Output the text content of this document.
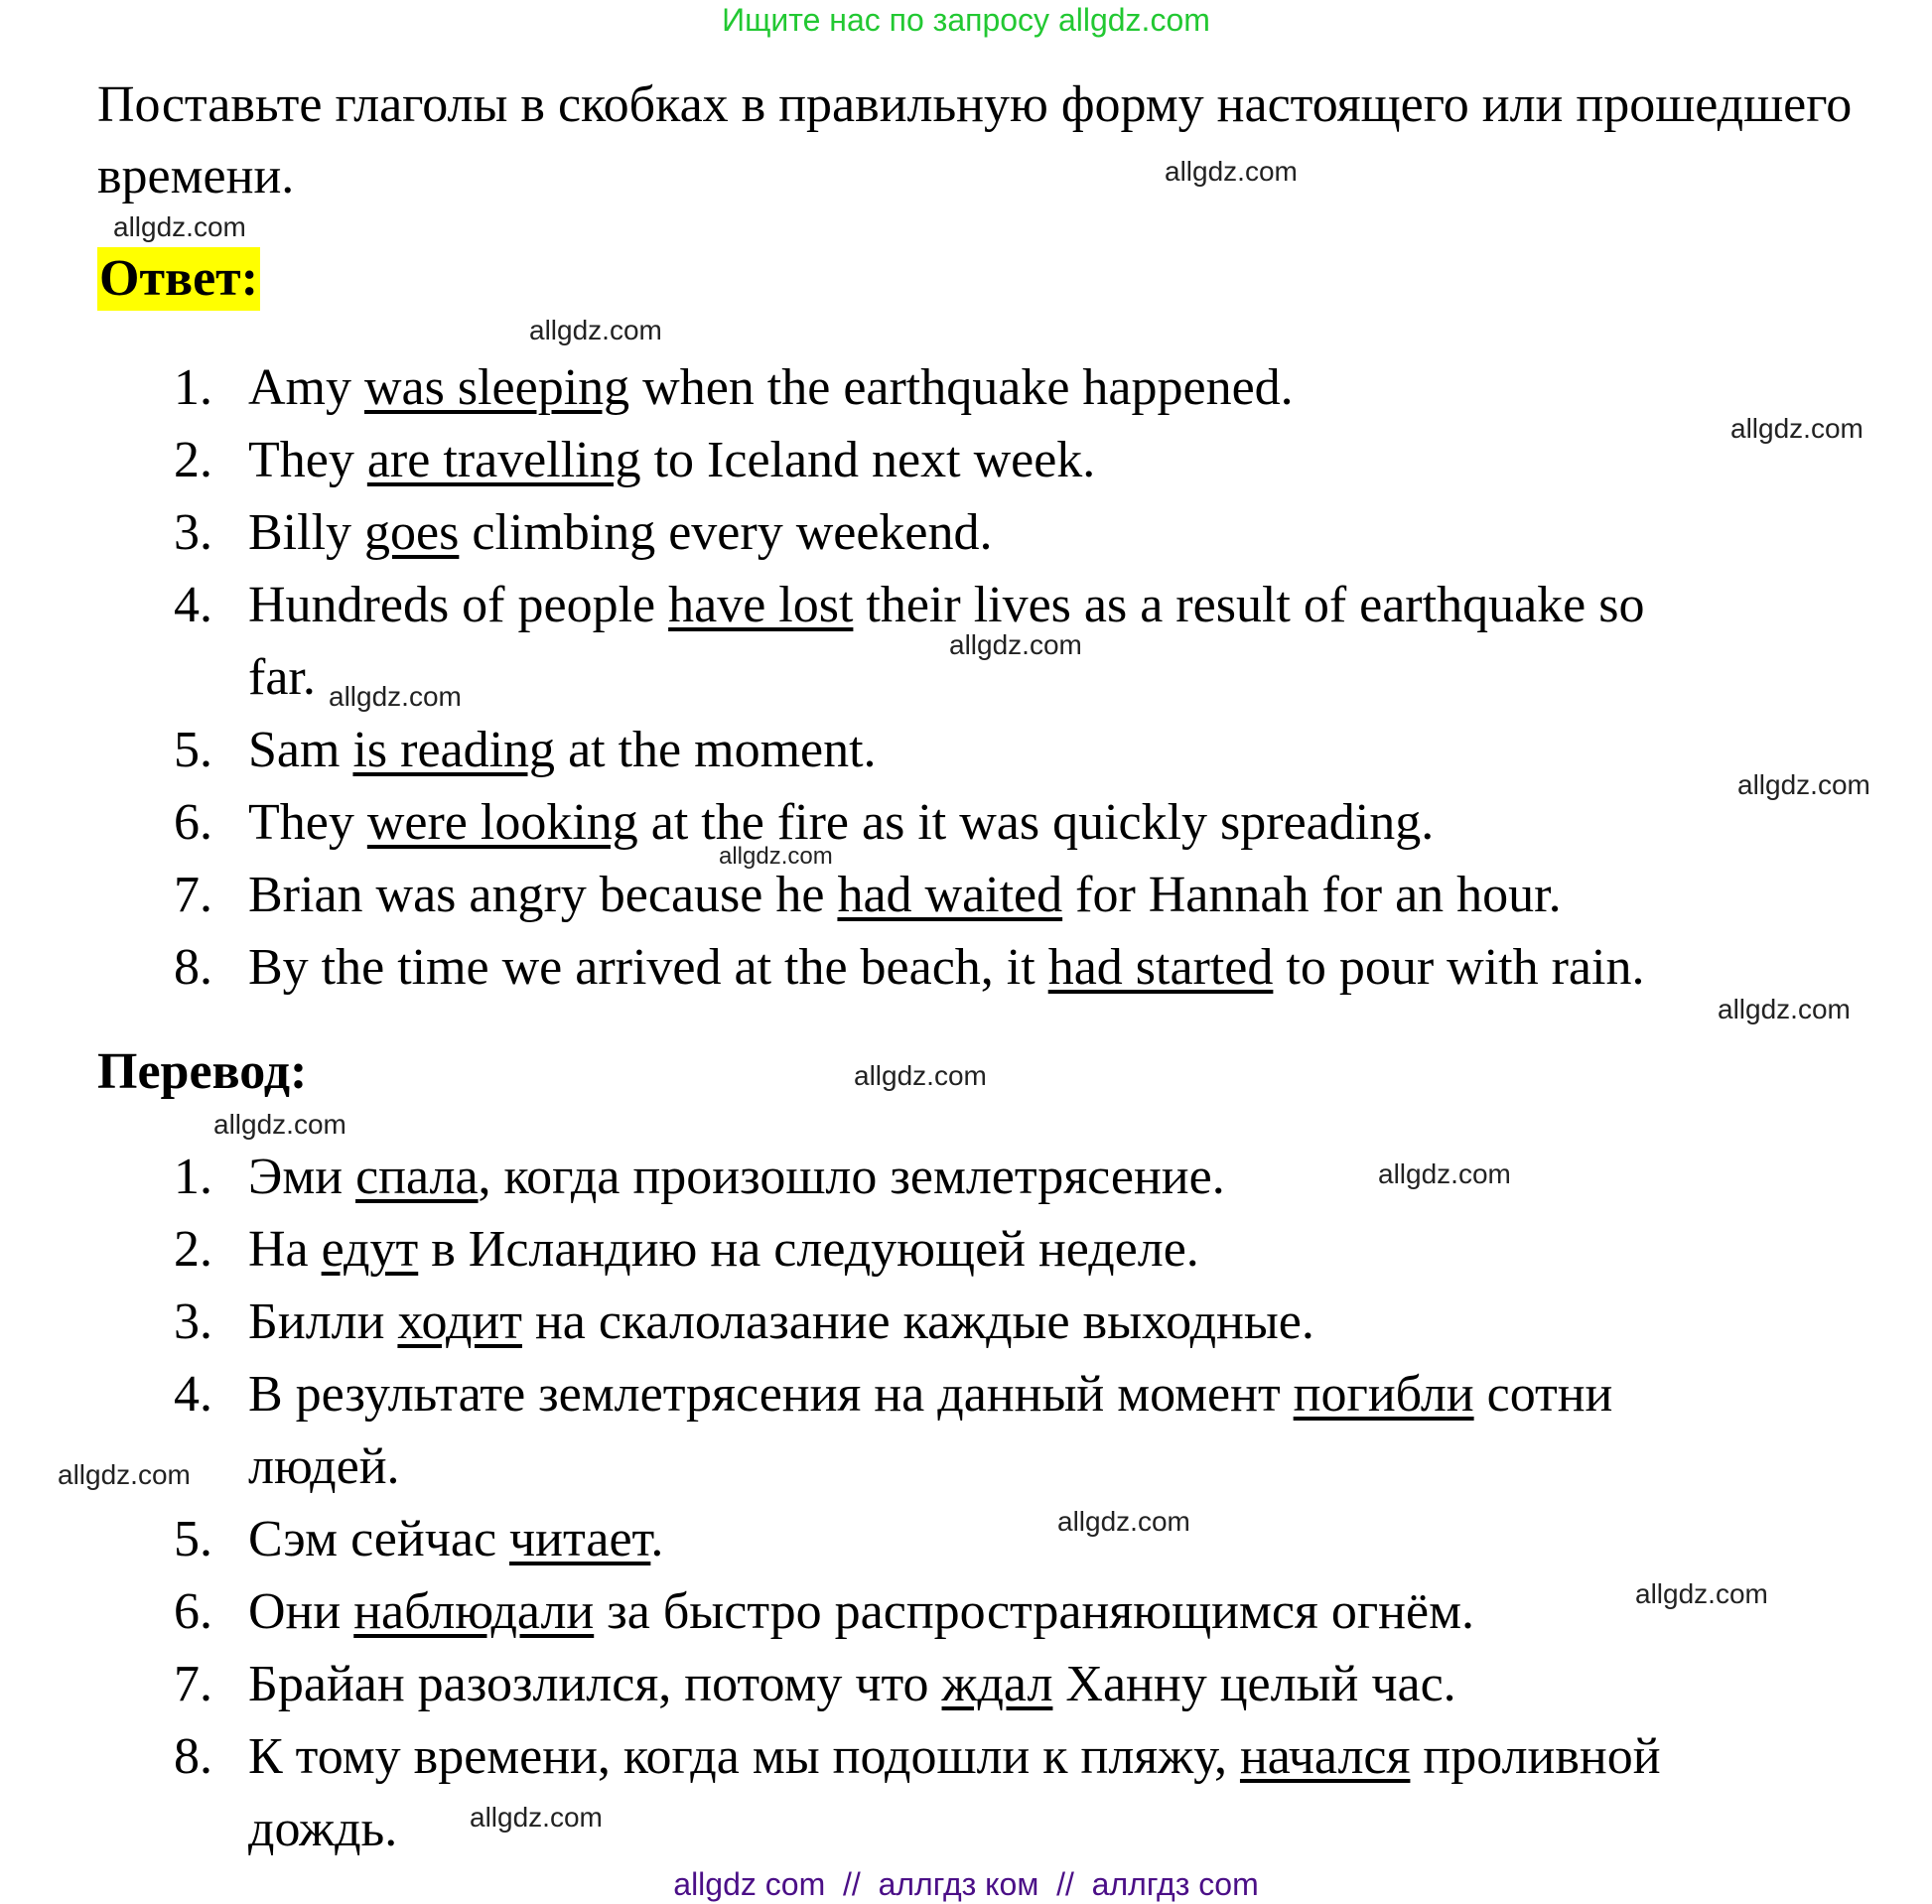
Ищите нас по запросу allgdz.com
Поставьте глаголы в скобках в правильную форму настоящего или прошедшего времени.
Ответ:
1. Amy was sleeping when the earthquake happened.
2. They are travelling to Iceland next week.
3. Billy goes climbing every weekend.
4. Hundreds of people have lost their lives as a result of earthquake so
far.
5. Sam is reading at the moment.
6. They were looking at the fire as it was quickly spreading.
7. Brian was angry because he had waited for Hannah for an hour.
8. By the time we arrived at the beach, it had started to pour with rain.
Перевод:
1. Эми спала, когда произошло землетрясение.
2. На едут в Исландию на следующей неделе.
3. Билли ходит на скалолазание каждые выходные.
4. В результате землетрясения на данный момент погибли сотни
людей.
5. Сэм сейчас читает.
6. Они наблюдали за быстро распространяющимся огнём.
7. Брайан разозлился, потому что ждал Ханну целый час.
8. К тому времени, когда мы подошли к пляжу, начался проливной
дождь.
allgdz.com
allgdz.com
allgdz.com
allgdz.com
allgdz.com
allgdz.com
allgdz.com
allgdz.com
allgdz.com
allgdz.com
allgdz.com
allgdz.com
allgdz.com
allgdz.com
allgdz.com
allgdz.com
allgdz com  //  аллгдз ком  //  аллгдз com
